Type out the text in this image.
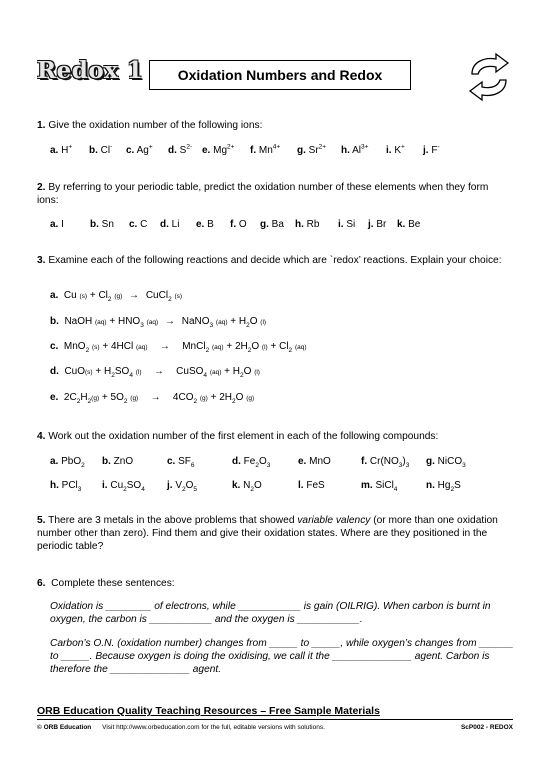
Redox 1 Oxidation Numbers and Redox
1. Give the oxidation number of the following ions:
a. H+ b. Cl- c. Ag+ d. $S^{2-}$ e. $Mg^{2+}$ f. $Mn^{4+}$ g. $Sr^{2+}$ h. $Al^{3+}$ i. K+ j. F-
2. By referring to your periodic table, predict the oxidation number of these elements when they form ions:
a. I	b. Sn c. C d. Li e. B f. O g. Ba h. Rb i. Si j. Br k. Be
3. Examine each of the following reactions and decide which are `redox’ reactions. Explain your choice:
a.  Cu $(s) + Cl_2$ (g) → CuCl$_2$ (s)
b.  NaOH $(aq) + HNO_3$ (aq) → NaNO$_3$ $(aq) + H_2O$ (l)
c.  MnO$_2$ (s) + 4HCl (aq)   →   MnCl$_2$ $(aq) + 2H_2O$ $(l) + Cl_2$ (aq)
d.  $CuO(s) + H_2SO_4$ (l)   →   CuSO$_4$ $(aq) + H_2O$ (l)
e.  $2C_2H_2(g) + 5O_2$ $(g) \to 4CO_2$ $(g) + 2H_2O$ (g)
4. Work out the oxidation number of the first element in each of the following compounds:
a. PbO$_2$ b. ZnO	c. $SF_6$	d. $Fe_2O_3$	e. MnO	f. $Cr(NO_3)_3$ g. NiCO$_3$
h. PCl$_3$ i. $Cu_2SO_4$ j. $V_2O_5$	k. $N_2O$	l. FeS	m. SiCl$_4$	n. $Hg_2S$
5. There are 3 metals in the above problems that showed variable valency (or more than one oxidation number other than zero). Find them and give their oxidation states. Where are they positioned in the periodic table?
6. Complete these sentences:
Oxidation is ________ of electrons, while ___________ is gain (OILRIG). When carbon is burnt in oxygen, the carbon is ___________ and the oxygen is ___________.
Carbon’s O.N. (oxidation number) changes from _____ to _____, while oxygen’s changes from ______ to _____. Because oxygen is doing the oxidising, we call it the ______________ agent. Carbon is therefore the ______________ agent.
ORB Education Quality Teaching Resources – Free Sample Materials
© ORB Education Visit http://www.orbeducation.com for the full, editable versions with solutions.	ScP002 - REDOX
